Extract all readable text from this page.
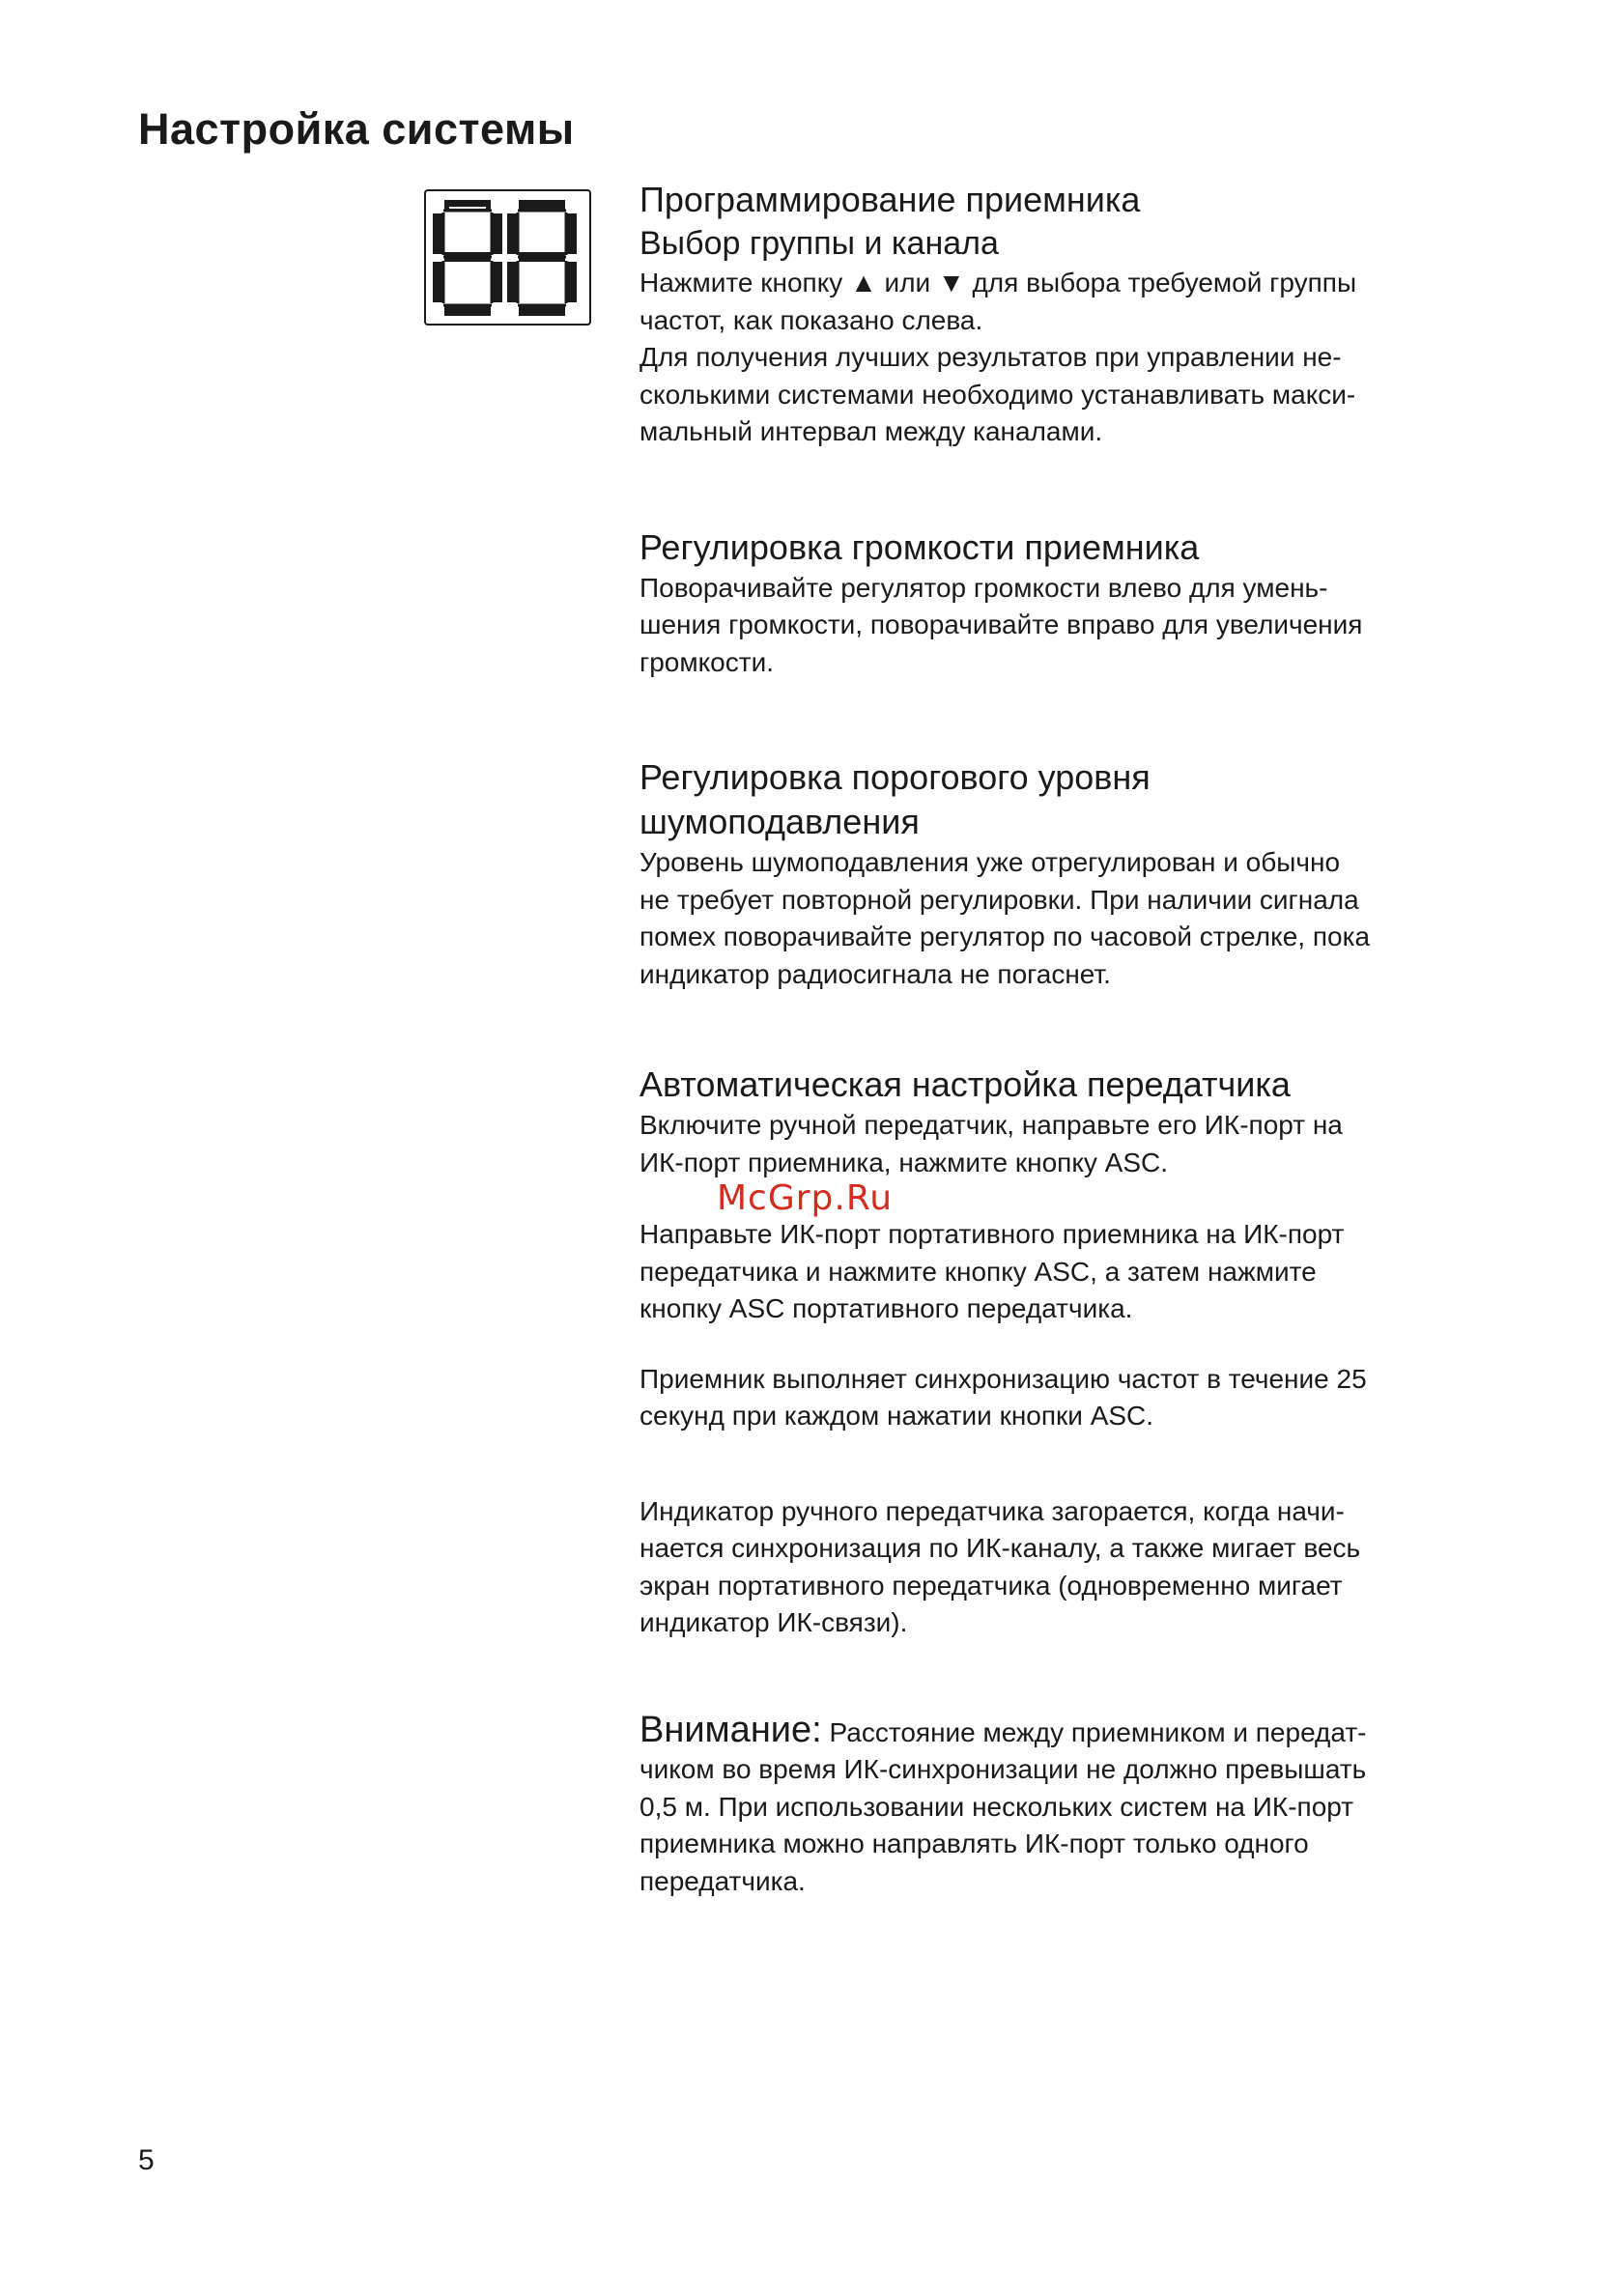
Настройка системы

Программирование приемника

Выбор группы и канала

Нажмите кнопку ▲ или ▼ для выбора требуемой группы

частот, как показано слева.

Для получения лучших результатов при управлении не-

сколькими системами необходимо устанавливать макси-

мальный интервал между каналами.

Регулировка громкости приемника

Поворачивайте регулятор громкости влево для умень-

шения громкости, поворачивайте вправо для увеличения

громкости.

Регулировка порогового уровня

шумоподавления

Уровень шумоподавления уже отрегулирован и обычно

не требует повторной регулировки. При наличии сигнала

помех поворачивайте регулятор по часовой стрелке, пока

индикатор радиосигнала не погаснет.

Автоматическая настройка передатчика

Включите ручной передатчик, направьте его ИК-порт на

ИК-порт приемника, нажмите кнопку ASC.

McGrp.Ru

Направьте ИК-порт портативного приемника на ИК-порт

передатчика и нажмите кнопку ASC, а затем нажмите

кнопку ASC портативного передатчика.

Приемник выполняет синхронизацию частот в течение 25

секунд при каждом нажатии кнопки ASC.

Индикатор ручного передатчика загорается, когда начи-

нается синхронизация по ИК-каналу, а также мигает весь

экран портативного передатчика (одновременно мигает

индикатор ИК-связи).

Внимание: Расстояние между приемником и передат-

чиком во время ИК-синхронизации не должно превышать

0,5 м. При использовании нескольких систем на ИК-порт

приемника можно направлять ИК-порт только одного

передатчика.

5
